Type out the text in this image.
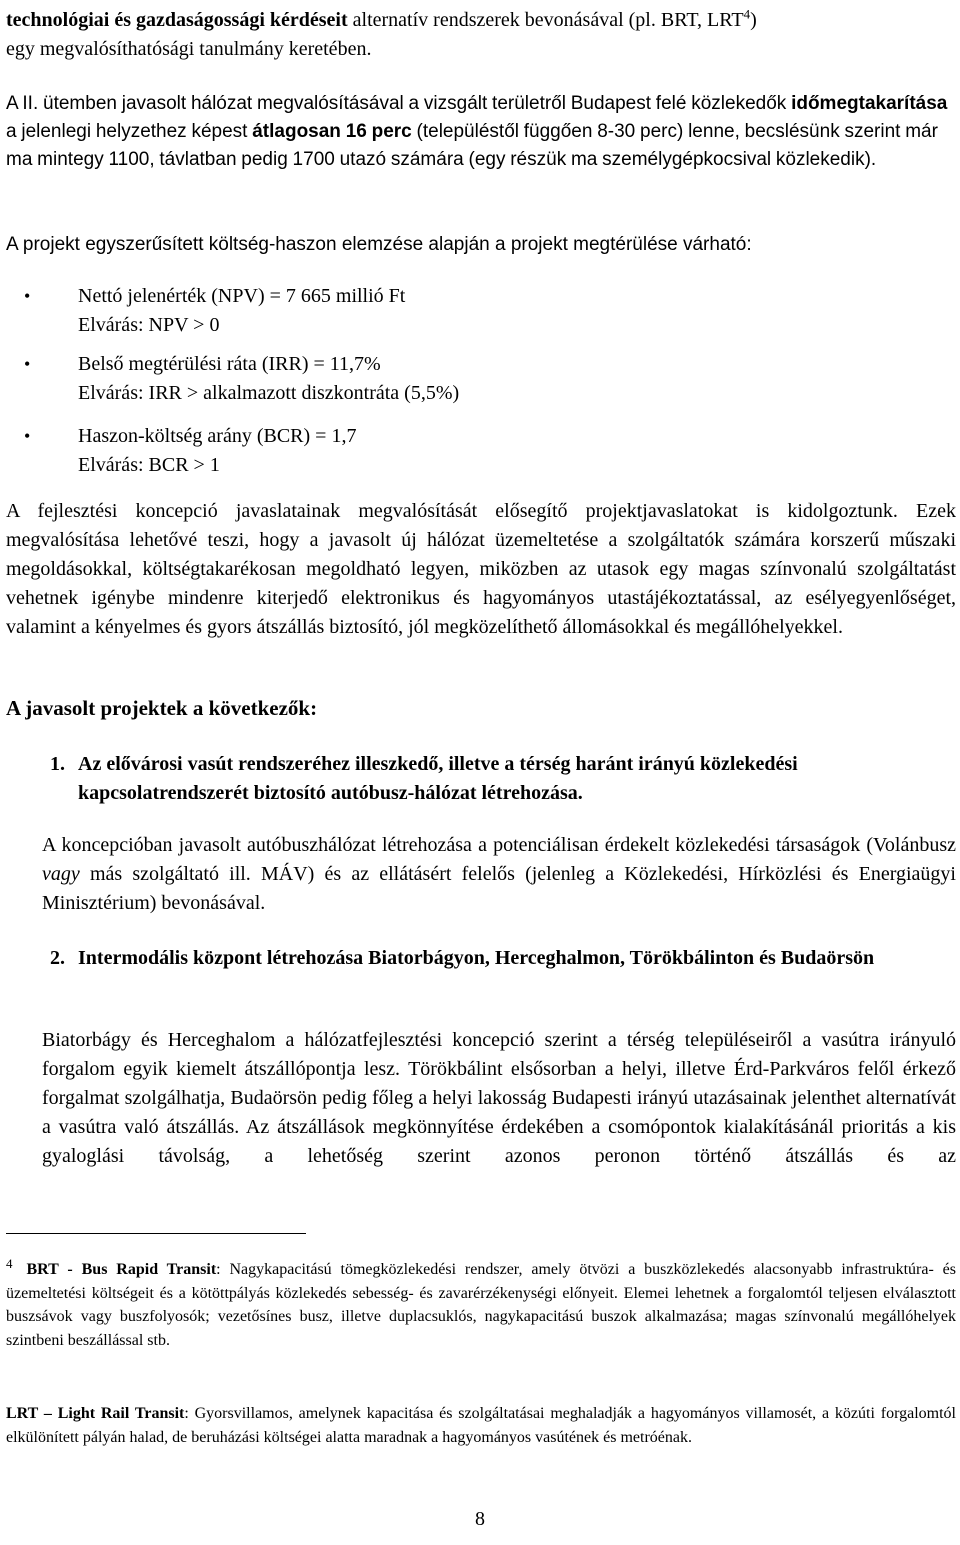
technológiai és gazdaságossági kérdéseit alternatív rendszerek bevonásával (pl. BRT, LRT$^4$)
egy megvalósíthatósági tanulmány keretében.

A II. ütemben javasolt hálózat megvalósításával a vizsgált területről Budapest felé közlekedők időmegtakarítása a jelenlegi helyzethez képest átlagosan 16 perc (településtől függően 8-30 perc) lenne, becslésünk szerint már ma mintegy 1100, távlatban pedig 1700 utazó számára (egy részük ma személygépkocsival közlekedik).

A projekt egyszerűsített költség-haszon elemzése alapján a projekt megtérülése várható:

• Nettó jelenérték (NPV) = 7 665 millió Ft
Elvárás: NPV > 0
• Belső megtérülési ráta (IRR) = 11,7%
Elvárás: IRR > alkalmazott diszkontráta (5,5%)
• Haszon-költség arány (BCR) = 1,7
Elvárás: BCR > 1

A fejlesztési koncepció javaslatainak megvalósítását elősegítő projektjavaslatokat is kidolgoztunk. Ezek megvalósítása lehetővé teszi, hogy a javasolt új hálózat üzemeltetése a szolgáltatók számára korszerű műszaki megoldásokkal, költségtakarékosan megoldható legyen, miközben az utasok egy magas színvonalú szolgáltatást vehetnek igénybe mindenre kiterjedő elektronikus és hagyományos utastájékoztatással, az esélyegyenlőséget, valamint a kényelmes és gyors átszállás biztosító, jól megközelíthető állomásokkal és megállóhelyekkel.

A javasolt projektek a következők:
1. Az elővárosi vasút rendszeréhez illeszkedő, illetve a térség haránt irányú közlekedési kapcsolatrendszerét biztosító autóbusz-hálózat létrehozása.

A koncepcióban javasolt autóbuszhálózat létrehozása a potenciálisan érdekelt közlekedési társaságok (Volánbusz vagy más szolgáltató ill. MÁV) és az ellátásért felelős (jelenleg a Közlekedési, Hírközlési és Energiaügyi Minisztérium) bevonásával.

2. Intermodális központ létrehozása Biatorbágyon, Herceghalmon, Törökbálinton és Budaörsön

Biatorbágy és Herceghalom a hálózatfejlesztési koncepció szerint a térség településeiről a vasútra irányuló forgalom egyik kiemelt átszállópontja lesz. Törökbálint elsősorban a helyi, illetve Érd-Parkváros felől érkező forgalmat szolgálhatja, Budaörsön pedig főleg a helyi lakosság Budapesti irányú utazásainak jelenthet alternatívát a vasútra való átszállás. Az átszállások megkönnyítése érdekében a csomópontok kialakításánál prioritás a kis gyaloglási távolság, a lehetőség szerint azonos peronon történő átszállás és az

$^4$ BRT - Bus Rapid Transit: Nagykapacitású tömegközlekedési rendszer, amely ötvözi a buszközlekedés alacsonyabb infrastruktúra- és üzemeltetési költségeit és a kötöttpályás közlekedés sebesség- és zavarérzékenységi előnyeit. Elemei lehetnek a forgalomtól teljesen elválasztott buszsávok vagy buszfolyosók; vezetősínes busz, illetve duplacsuklós, nagykapacitású buszok alkalmazása; magas színvonalú megállóhelyek szintbeni beszállással stb.

LRT – Light Rail Transit: Gyorsvillamos, amelynek kapacitása és szolgáltatásai meghaladják a hagyományos villamosét, a közúti forgalomtól elkülönített pályán halad, de beruházási költségei alatta maradnak a hagyományos vasútének és metróénak.

8
